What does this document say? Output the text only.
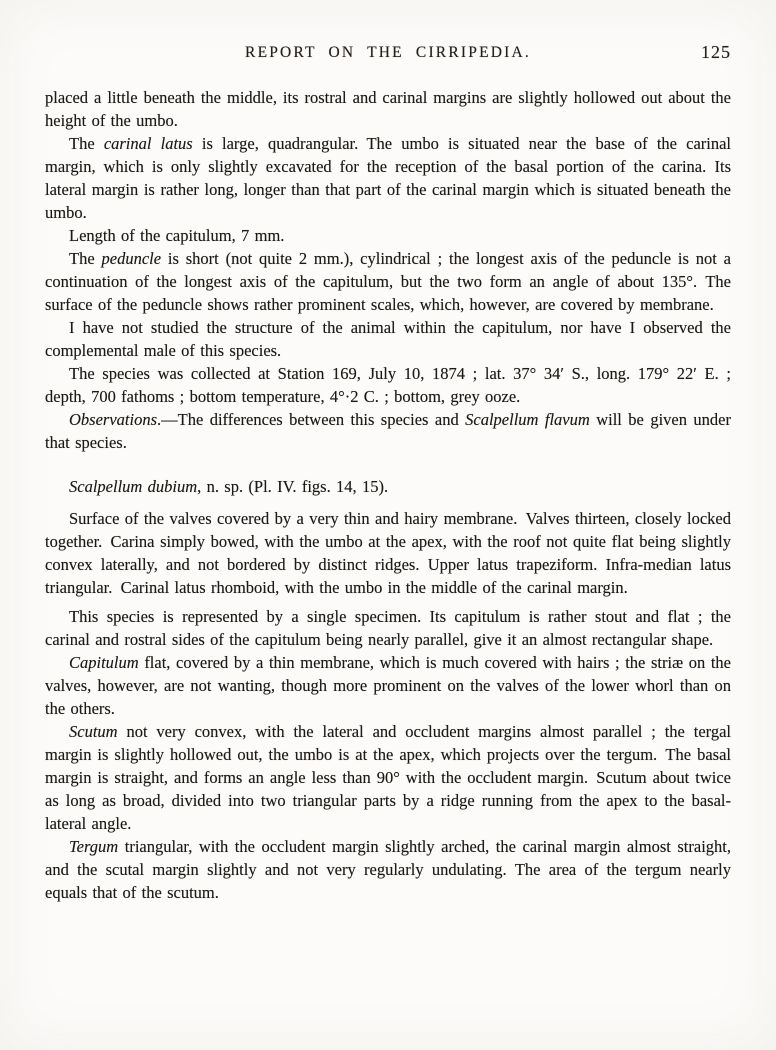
REPORT ON THE CIRRIPEDIA.	125

placed a little beneath the middle, its rostral and carinal margins are slightly hollowed out about the height of the umbo.

The carinal latus is large, quadrangular. The umbo is situated near the base of the carinal margin, which is only slightly excavated for the reception of the basal portion of the carina. Its lateral margin is rather long, longer than that part of the carinal margin which is situated beneath the umbo.

Length of the capitulum, 7 mm.

The peduncle is short (not quite 2 mm.), cylindrical ; the longest axis of the peduncle is not a continuation of the longest axis of the capitulum, but the two form an angle of about 135°. The surface of the peduncle shows rather prominent scales, which, however, are covered by membrane.

I have not studied the structure of the animal within the capitulum, nor have I observed the complemental male of this species.

The species was collected at Station 169, July 10, 1874 ; lat. 37° 34′ S., long. 179° 22′ E. ; depth, 700 fathoms ; bottom temperature, 4°·2 C. ; bottom, grey ooze.

Observations.—The differences between this species and Scalpellum flavum will be given under that species.

Scalpellum dubium, n. sp. (Pl. IV. figs. 14, 15).

Surface of the valves covered by a very thin and hairy membrane. Valves thirteen, closely locked together. Carina simply bowed, with the umbo at the apex, with the roof not quite flat being slightly convex laterally, and not bordered by distinct ridges. Upper latus trapeziform. Infra-median latus triangular. Carinal latus rhomboid, with the umbo in the middle of the carinal margin.

This species is represented by a single specimen. Its capitulum is rather stout and flat ; the carinal and rostral sides of the capitulum being nearly parallel, give it an almost rectangular shape.

Capitulum flat, covered by a thin membrane, which is much covered with hairs ; the striæ on the valves, however, are not wanting, though more prominent on the valves of the lower whorl than on the others.

Scutum not very convex, with the lateral and occludent margins almost parallel ; the tergal margin is slightly hollowed out, the umbo is at the apex, which projects over the tergum. The basal margin is straight, and forms an angle less than 90° with the occludent margin. Scutum about twice as long as broad, divided into two triangular parts by a ridge running from the apex to the basal-lateral angle.

Tergum triangular, with the occludent margin slightly arched, the carinal margin almost straight, and the scutal margin slightly and not very regularly undulating. The area of the tergum nearly equals that of the scutum.
